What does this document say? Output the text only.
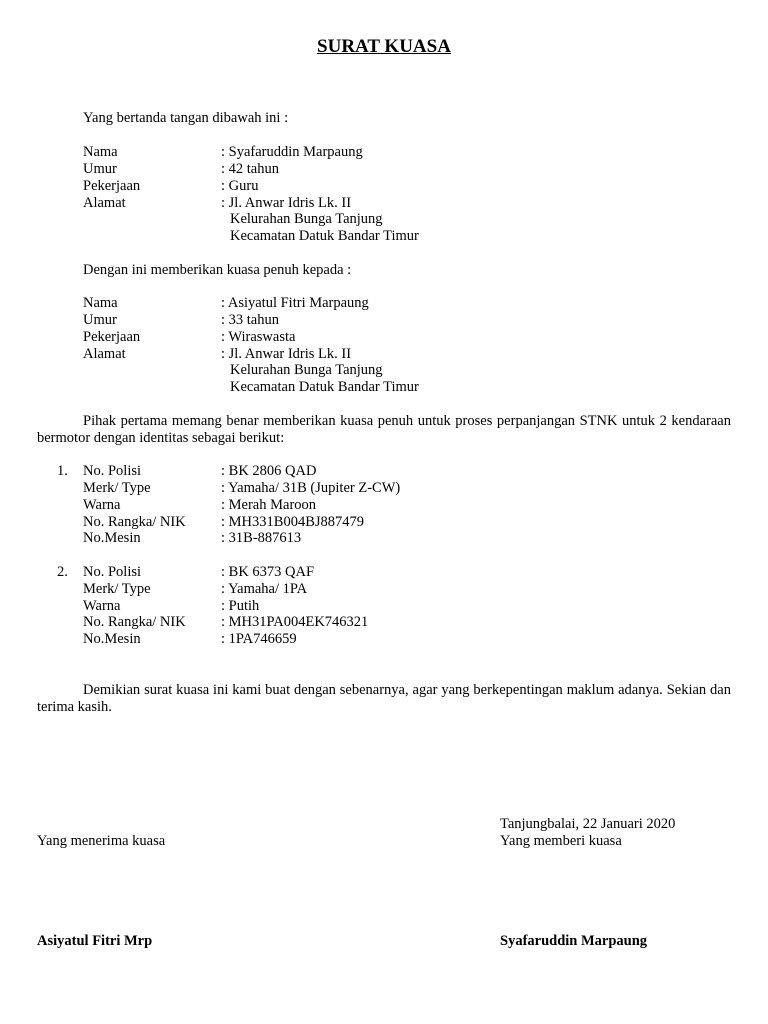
SURAT KUASA
Yang bertanda tangan dibawah ini :
Nama	: Syafaruddin Marpaung
Umur	: 42 tahun
Pekerjaan	: Guru
Alamat	: Jl. Anwar Idris Lk. II
Kelurahan Bunga Tanjung
Kecamatan Datuk Bandar Timur
Dengan ini memberikan kuasa penuh kepada :
Nama	: Asiyatul Fitri Marpaung
Umur	: 33 tahun
Pekerjaan	: Wiraswasta
Alamat	: Jl. Anwar Idris Lk. II
Kelurahan Bunga Tanjung
Kecamatan Datuk Bandar Timur
Pihak pertama memang benar memberikan kuasa penuh untuk proses perpanjangan STNK untuk 2 kendaraan bermotor dengan identitas sebagai berikut:
1. No. Polisi	: BK 2806 QAD
Merk/ Type	: Yamaha/ 31B (Jupiter Z-CW)
Warna	: Merah Maroon
No. Rangka/ NIK : MH331B004BJ887479
No.Mesin	: 31B-887613
2. No. Polisi	: BK 6373 QAF
Merk/ Type	: Yamaha/ 1PA
Warna	: Putih
No. Rangka/ NIK : MH31PA004EK746321
No.Mesin	: 1PA746659
Demikian surat kuasa ini kami buat dengan sebenarnya, agar yang berkepentingan maklum adanya. Sekian dan terima kasih.
Tanjungbalai, 22 Januari 2020
Yang menerima kuasa	Yang memberi kuasa
Asiyatul Fitri Mrp	Syafaruddin Marpaung
